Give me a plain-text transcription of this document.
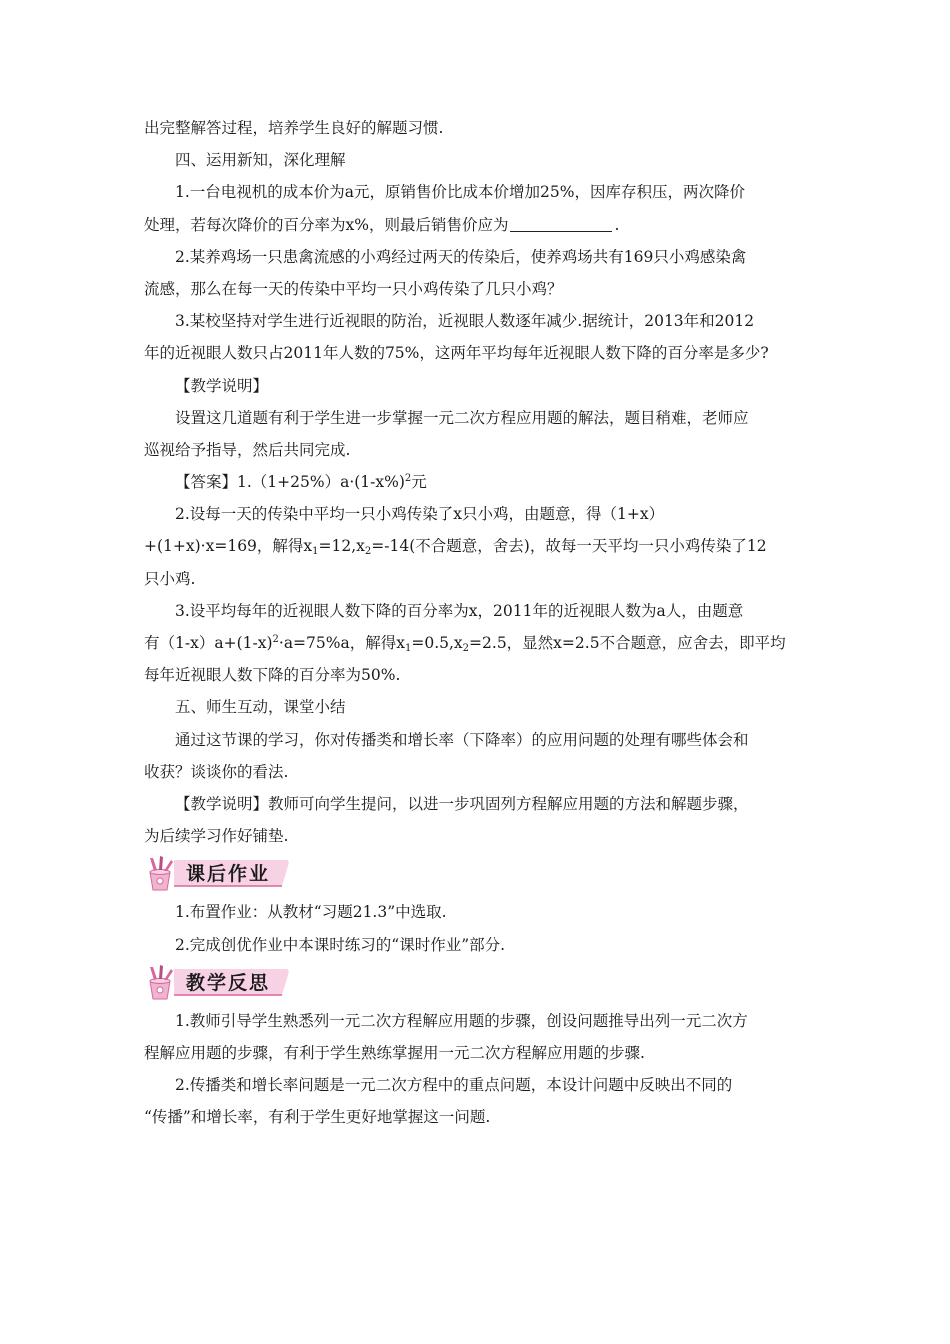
出完整解答过程，培养学生良好的解题习惯.
四、运用新知，深化理解
1.一台电视机的成本价为a元，原销售价比成本价增加25%，因库存积压，两次降价
处理，若每次降价的百分率为x%，则最后销售价应为	.
2.某养鸡场一只患禽流感的小鸡经过两天的传染后，使养鸡场共有169只小鸡感染禽
流感，那么在每一天的传染中平均一只小鸡传染了几只小鸡？
3.某校坚持对学生进行近视眼的防治，近视眼人数逐年减少.据统计，2013年和2012
年的近视眼人数只占2011年人数的75%，这两年平均每年近视眼人数下降的百分率是多少?
【教学说明】
设置这几道题有利于学生进一步掌握一元二次方程应用题的解法，题目稍难，老师应
巡视给予指导，然后共同完成.
【答案】$1.(1+25\%)a\cdot(1-x\%)^2$元
2.设每一天的传染中平均一只小鸡传染了x只小鸡，由题意，得（1+x）
+(1+x)·x=169，解得$x_1=12,x_2=-14$(不合题意，舍去)，故每一天平均一只小鸡传染了12
只小鸡.
3.设平均每年的近视眼人数下降的百分率为x，2011年的近视眼人数为a人，由题意
有$(1-x)a+(1-x)^2\cdot a=75\%a$，解得$x_1=0.5,x_2=2.5$，显然x=2.5不合题意，应舍去，即平均
每年近视眼人数下降的百分率为50%.
五、师生互动，课堂小结
通过这节课的学习，你对传播类和增长率（下降率）的应用问题的处理有哪些体会和
收获？谈谈你的看法.
【教学说明】教师可向学生提问，以进一步巩固列方程解应用题的方法和解题步骤，
为后续学习作好铺垫.
课后作业
1.布置作业：从教材“习题21.3”中选取.
2.完成创优作业中本课时练习的“课时作业”部分.
教学反思
1.教师引导学生熟悉列一元二次方程解应用题的步骤，创设问题推导出列一元二次方
程解应用题的步骤，有利于学生熟练掌握用一元二次方程解应用题的步骤.
2.传播类和增长率问题是一元二次方程中的重点问题，本设计问题中反映出不同的
“传播”和增长率，有利于学生更好地掌握这一问题.
